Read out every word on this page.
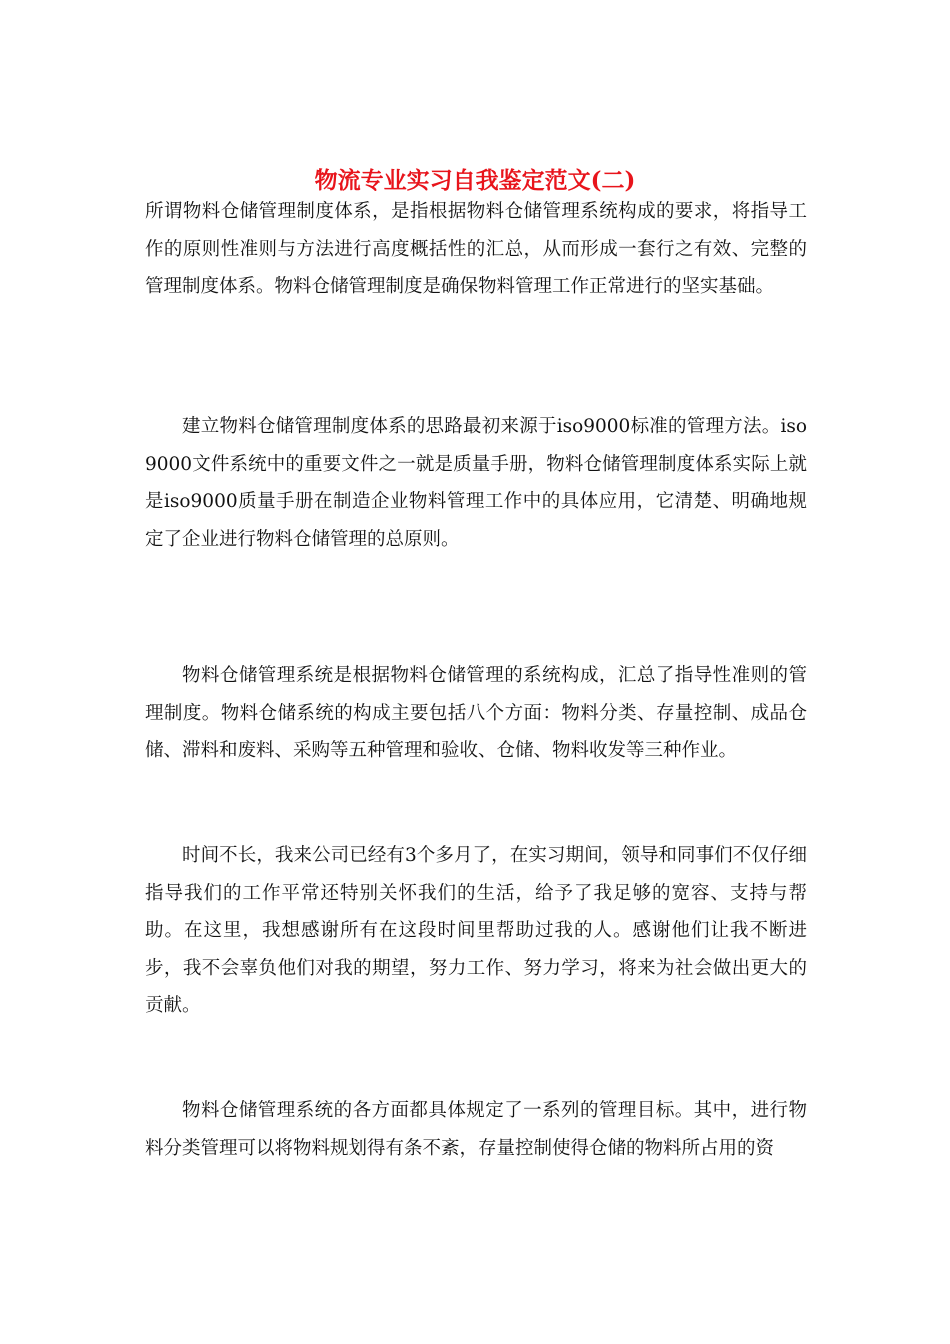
物流专业实习自我鉴定范文(二)

所谓物料仓储管理制度体系，是指根据物料仓储管理系统构成的要求，将指导工作的原则性准则与方法进行高度概括性的汇总，从而形成一套行之有效、完整的管理制度体系。物料仓储管理制度是确保物料管理工作正常进行的坚实基础。

建立物料仓储管理制度体系的思路最初来源于iso9000标准的管理方法。iso9000文件系统中的重要文件之一就是质量手册，物料仓储管理制度体系实际上就是iso9000质量手册在制造企业物料管理工作中的具体应用，它清楚、明确地规定了企业进行物料仓储管理的总原则。

物料仓储管理系统是根据物料仓储管理的系统构成，汇总了指导性准则的管理制度。物料仓储系统的构成主要包括八个方面：物料分类、存量控制、成品仓储、滞料和废料、采购等五种管理和验收、仓储、物料收发等三种作业。

时间不长，我来公司已经有3个多月了，在实习期间，领导和同事们不仅仔细指导我们的工作平常还特别关怀我们的生活，给予了我足够的宽容、支持与帮助。在这里，我想感谢所有在这段时间里帮助过我的人。感谢他们让我不断进步，我不会辜负他们对我的期望，努力工作、努力学习，将来为社会做出更大的贡献。

物料仓储管理系统的各方面都具体规定了一系列的管理目标。其中，进行物料分类管理可以将物料规划得有条不紊，存量控制使得仓储的物料所占用的资
